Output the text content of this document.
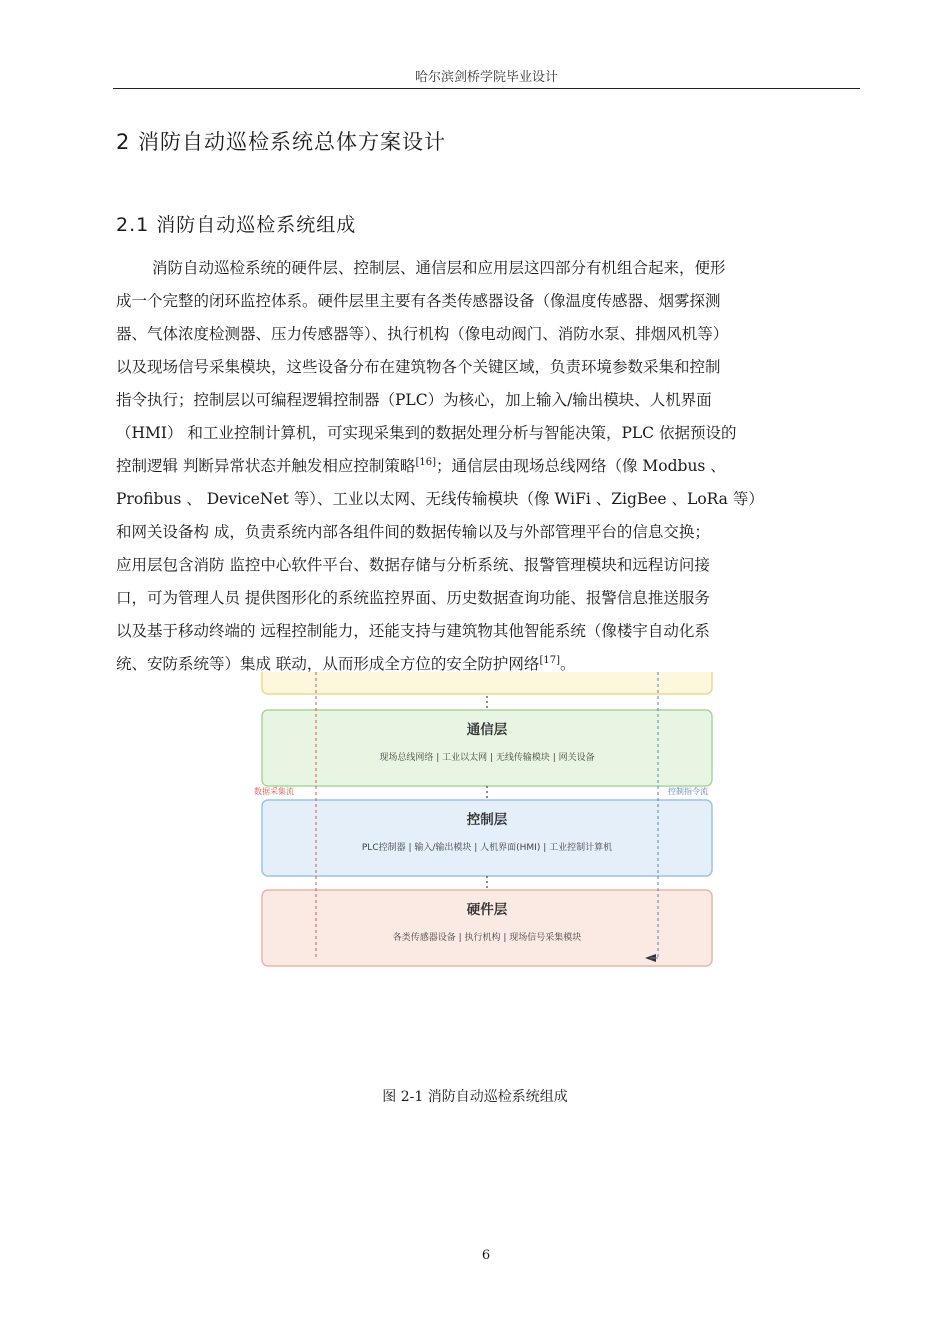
哈尔滨剑桥学院毕业设计
2 消防自动巡检系统总体方案设计
2.1 消防自动巡检系统组成
消防自动巡检系统的硬件层、控制层、通信层和应用层这四部分有机组合起来，便形
成一个完整的闭环监控体系。硬件层里主要有各类传感器设备（像温度传感器、烟雾探测
器、气体浓度检测器、压力传感器等）、执行机构（像电动阀门、消防水泵、排烟风机等）
以及现场信号采集模块，这些设备分布在建筑物各个关键区域，负责环境参数采集和控制
指令执行；控制层以可编程逻辑控制器（PLC）为核心，加上输入/输出模块、人机界面
（HMI） 和工业控制计算机，可实现采集到的数据处理分析与智能决策，PLC 依据预设的
控制逻辑 判断异常状态并触发相应控制策略[16]；通信层由现场总线网络（像 Modbus 、
Profibus 、 DeviceNet 等）、工业以太网、无线传输模块（像 WiFi 、ZigBee 、LoRa 等）
和网关设备构 成，负责系统内部各组件间的数据传输以及与外部管理平台的信息交换；
应用层包含消防 监控中心软件平台、数据存储与分析系统、报警管理模块和远程访问接
口，可为管理人员 提供图形化的系统监控界面、历史数据查询功能、报警信息推送服务
以及基于移动终端的 远程控制能力，还能支持与建筑物其他智能系统（像楼宇自动化系
统、安防系统等）集成 联动，从而形成全方位的安全防护网络[17]。
通信层
现场总线网络 | 工业以太网 | 无线传输模块 | 网关设备
控制层
PLC控制器 | 输入/输出模块 | 人机界面(HMI) | 工业控制计算机
硬件层
各类传感器设备 | 执行机构 | 现场信号采集模块
数据采集流	控制指令流
图 2-1 消防自动巡检系统组成
6
